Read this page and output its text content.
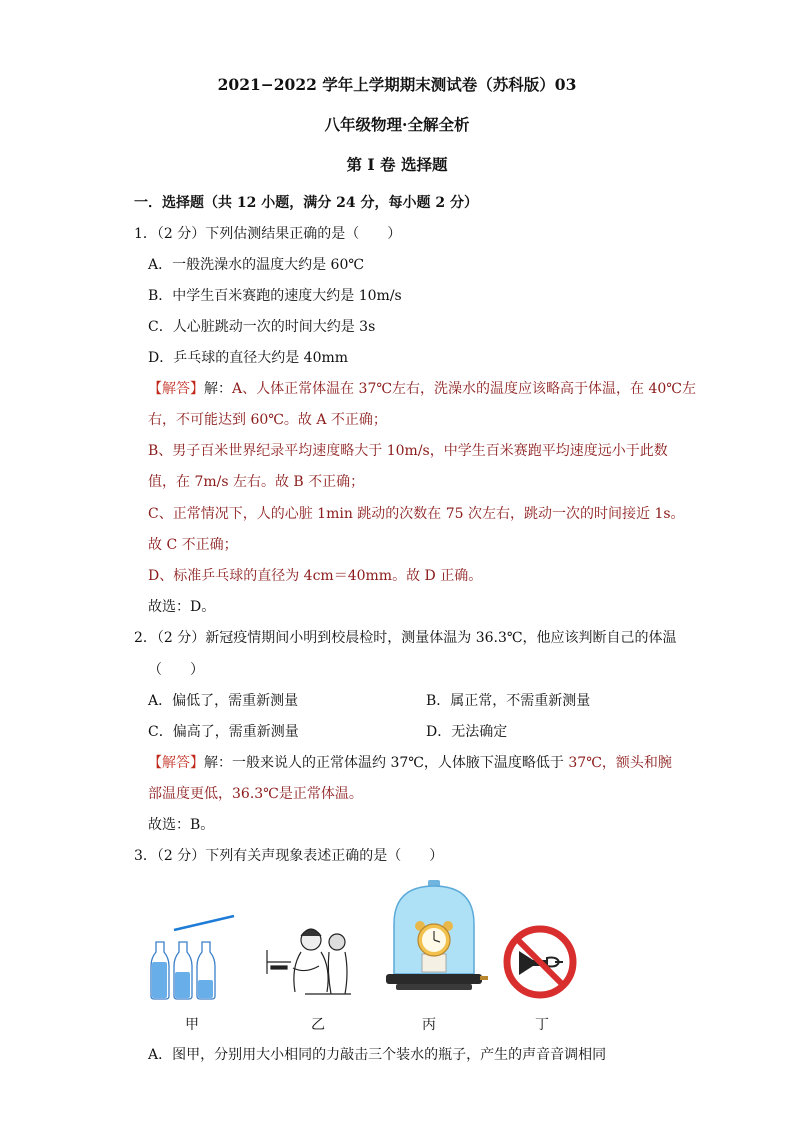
2021−2022 学年上学期期末测试卷（苏科版）03
八年级物理·全解全析
第 I 卷 选择题
一．选择题（共 12 小题，满分 24 分，每小题 2 分）
1．（2 分）下列估测结果正确的是（　　）
A．一般洗澡水的温度大约是 60℃
B．中学生百米赛跑的速度大约是 10m/s
C．人心脏跳动一次的时间大约是 3s
D．乒乓球的直径大约是 40mm
【解答】解：A、人体正常体温在 37℃左右，洗澡水的温度应该略高于体温，在 40℃左
右，不可能达到 60℃。故 A 不正确；
B、男子百米世界纪录平均速度略大于 10m/s，中学生百米赛跑平均速度远小于此数
值，在 7m/s 左右。故 B 不正确；
C、正常情况下，人的心脏 1min 跳动的次数在 75 次左右，跳动一次的时间接近 1s。
故 C 不正确；
D、标准乒乓球的直径为 4cm＝40mm。故 D 正确。
故选：D。
2．（2 分）新冠疫情期间小明到校晨检时，测量体温为 36.3℃，他应该判断自己的体温
（　　）
A．偏低了，需重新测量	B．属正常，不需重新测量
C．偏高了，需重新测量	D．无法确定
【解答】解：一般来说人的正常体温约 37℃，人体腋下温度略低于 37℃，额头和腕
部温度更低，36.3℃是正常体温。
故选：B。
3．（2 分）下列有关声现象表述正确的是（　　）
甲	乙	丙	丁
A．图甲，分别用大小相同的力敲击三个装水的瓶子，产生的声音音调相同
